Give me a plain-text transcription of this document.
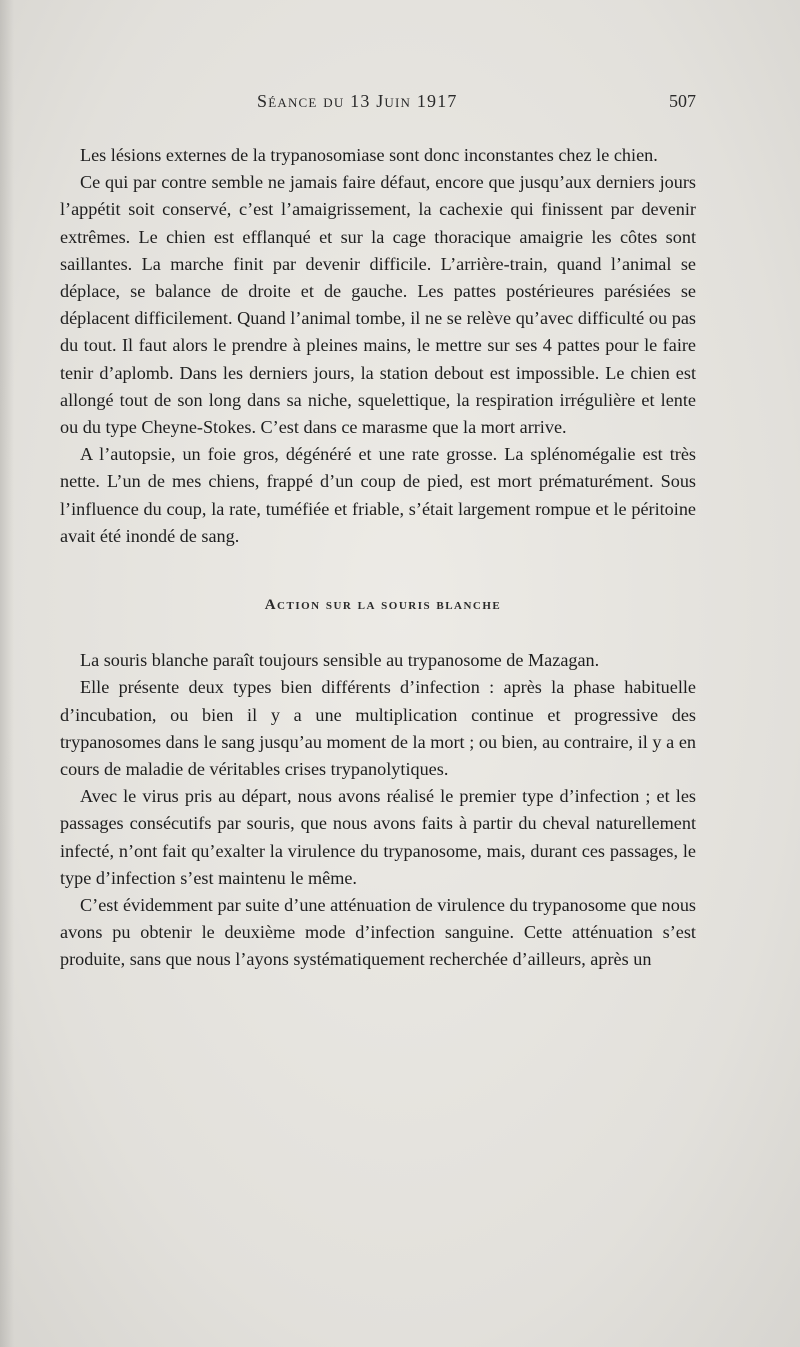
Séance du 13 Juin 1917	507

Les lésions externes de la trypanosomiase sont donc inconstantes chez le chien.

Ce qui par contre semble ne jamais faire défaut, encore que jusqu’aux derniers jours l’appétit soit conservé, c’est l’amaigrissement, la cachexie qui finissent par devenir extrêmes. Le chien est efflanqué et sur la cage thoracique amaigrie les côtes sont saillantes. La marche finit par devenir difficile. L’arrière-train, quand l’animal se déplace, se balance de droite et de gauche. Les pattes postérieures parésiées se déplacent difficilement. Quand l’animal tombe, il ne se relève qu’avec difficulté ou pas du tout. Il faut alors le prendre à pleines mains, le mettre sur ses 4 pattes pour le faire tenir d’aplomb. Dans les derniers jours, la station debout est impossible. Le chien est allongé tout de son long dans sa niche, squelettique, la respiration irrégulière et lente ou du type Cheyne-Stokes. C’est dans ce marasme que la mort arrive.

A l’autopsie, un foie gros, dégénéré et une rate grosse. La splénomégalie est très nette. L’un de mes chiens, frappé d’un coup de pied, est mort prématurément. Sous l’influence du coup, la rate, tuméfiée et friable, s’était largement rompue et le péritoine avait été inondé de sang.

Action sur la souris blanche

La souris blanche paraît toujours sensible au trypanosome de Mazagan.

Elle présente deux types bien différents d’infection : après la phase habituelle d’incubation, ou bien il y a une multiplication continue et progressive des trypanosomes dans le sang jusqu’au moment de la mort ; ou bien, au contraire, il y a en cours de maladie de véritables crises trypanolytiques.

Avec le virus pris au départ, nous avons réalisé le premier type d’infection ; et les passages consécutifs par souris, que nous avons faits à partir du cheval naturellement infecté, n’ont fait qu’exalter la virulence du trypanosome, mais, durant ces passages, le type d’infection s’est maintenu le même.

C’est évidemment par suite d’une atténuation de virulence du trypanosome que nous avons pu obtenir le deuxième mode d’infection sanguine. Cette atténuation s’est produite, sans que nous l’ayons systématiquement recherchée d’ailleurs, après un
